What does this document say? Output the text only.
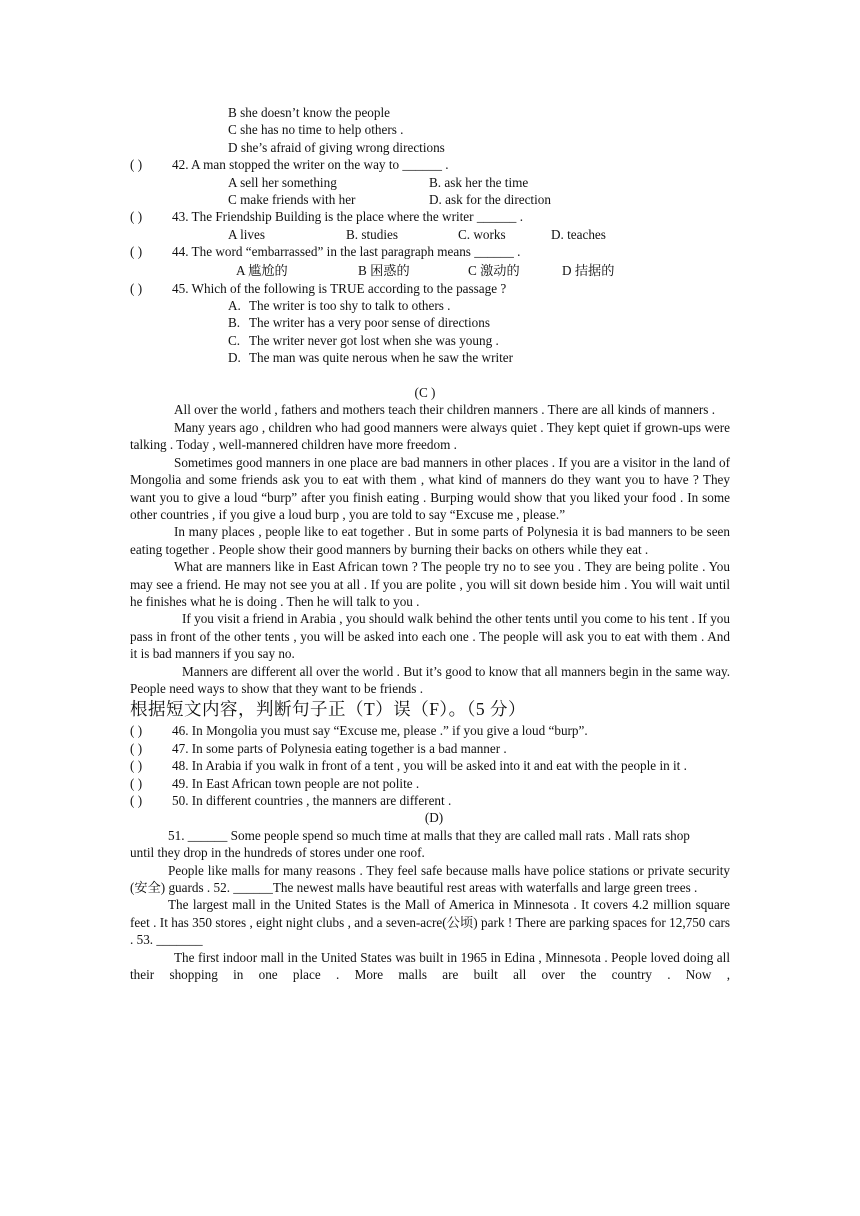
B she doesn’t know the people
C she has no time to help others .
D she’s afraid of giving wrong directions
( )	42. A man stopped the writer on the way to ______ .
A sell her something	B. ask her the time
C make friends with her	D. ask for the direction
( )	43. The Friendship Building is the place where the writer ______ .
A lives	B. studies	C. works	D. teaches
( )	44. The word “embarrassed” in the last paragraph means ______ .
A 尴尬的	B 困惑的	C 激动的	D 拮据的
( )	45. Which of the following is TRUE according to the passage ?
A. The writer is too shy to talk to others .
B. The writer has a very poor sense of directions
C. The writer never got lost when she was young .
D. The man was quite nerous when he saw the writer
(C )

All over the world , fathers and mothers teach their children manners . There are all kinds of manners .

Many years ago , children who had good manners were always quiet . They kept quiet if grown-ups were talking . Today , well-mannered children have more freedom .

Sometimes good manners in one place are bad manners in other places . If you are a visitor in the land of Mongolia and some friends ask you to eat with them , what kind of manners do they want you to have ? They want you to give a loud “burp” after you finish eating . Burping would show that you liked your food . In some other countries , if you give a loud burp , you are told to say “Excuse me , please.”

In many places , people like to eat together . But in some parts of Polynesia it is bad manners to be seen eating together . People show their good manners by burning their backs on others while they eat .

What are manners like in East African town ? The people try no to see you . They are being polite . You may see a friend. He may not see you at all . If you are polite , you will sit down beside him . You will wait until he finishes what he is doing . Then he will talk to you .

If you visit a friend in Arabia , you should walk behind the other tents until you come to his tent . If you pass in front of the other tents , you will be asked into each one . The people will ask you to eat with them . And it is bad manners if you say no.

Manners are different all over the world . But it’s good to know that all manners begin in the same way. People need ways to show that they want to be friends .

根据短文内容，判断句子正（T）误（F）。（5 分）
( )	46. In Mongolia you must say “Excuse me, please .” if you give a loud “burp”.
( )	47. In some parts of Polynesia eating together is a bad manner .

( ) 48. In Arabia if you walk in front of a tent , you will be asked into it and eat with the people in it .

( )	49. In East African town people are not polite .
( )	50. In different countries , the manners are different .
(D)

51. ______ Some people spend so much time at malls that they are called mall rats . Mall rats shop

until they drop in the hundreds of stores under one roof.

People like malls for many reasons . They feel safe because malls have police stations or private security (安全) guards . 52. ______The newest malls have beautiful rest areas with waterfalls and large green trees .

The largest mall in the United States is the Mall of America in Minnesota . It covers 4.2 million square feet . It has 350 stores , eight night clubs , and a seven-acre(公顷) park ! There are parking spaces for 12,750 cars . 53. _______

The first indoor mall in the United States was built in 1965 in Edina , Minnesota . People loved doing all their shopping in one place . More malls are built all over the country . Now ,
